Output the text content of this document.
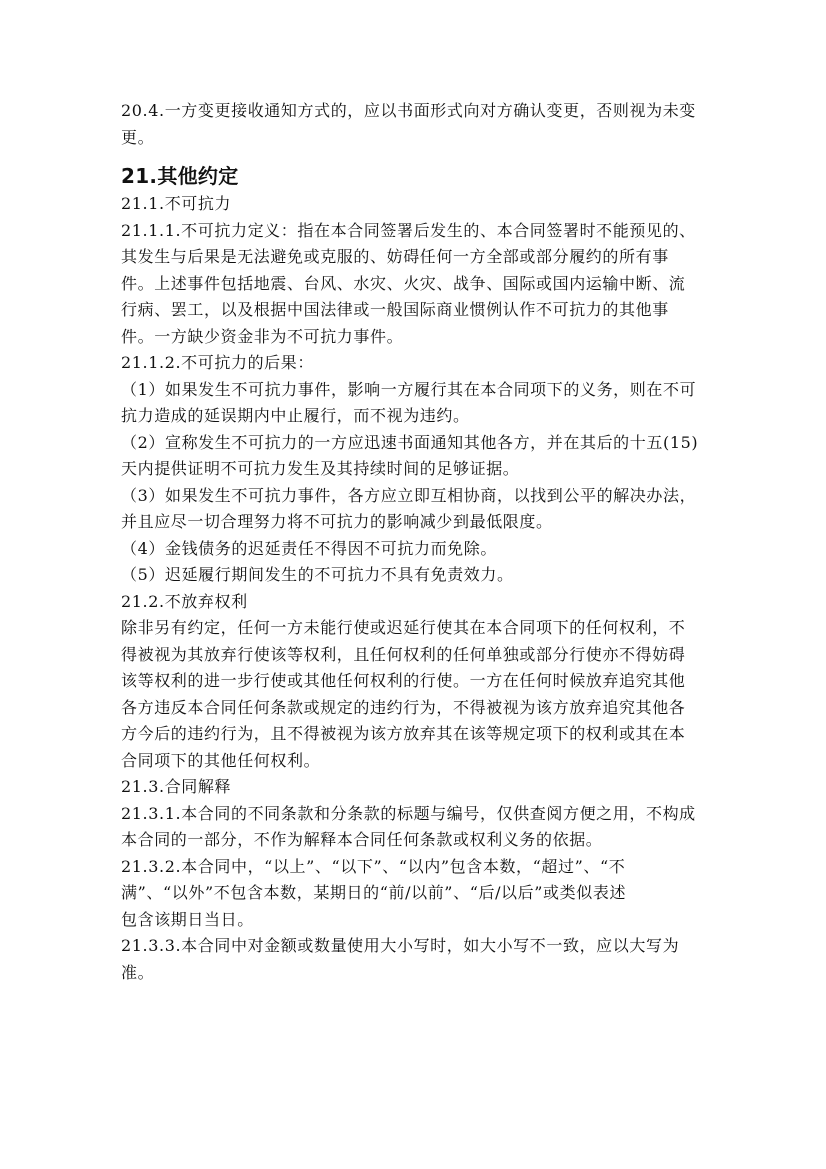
20.4.一方变更接收通知方式的，应以书面形式向对方确认变更，否则视为未变

更。

21.其他约定

21.1.不可抗力

21.1.1.不可抗力定义：指在本合同签署后发生的、本合同签署时不能预见的、

其发生与后果是无法避免或克服的、妨碍任何一方全部或部分履约的所有事

件。上述事件包括地震、台风、水灾、火灾、战争、国际或国内运输中断、流

行病、罢工，以及根据中国法律或一般国际商业惯例认作不可抗力的其他事

件。一方缺少资金非为不可抗力事件。

21.1.2.不可抗力的后果：

（1）如果发生不可抗力事件，影响一方履行其在本合同项下的义务，则在不可

抗力造成的延误期内中止履行，而不视为违约。

（2）宣称发生不可抗力的一方应迅速书面通知其他各方，并在其后的十五(15)

天内提供证明不可抗力发生及其持续时间的足够证据。

（3）如果发生不可抗力事件，各方应立即互相协商，以找到公平的解决办法，

并且应尽一切合理努力将不可抗力的影响减少到最低限度。

（4）金钱债务的迟延责任不得因不可抗力而免除。

（5）迟延履行期间发生的不可抗力不具有免责效力。

21.2.不放弃权利

除非另有约定，任何一方未能行使或迟延行使其在本合同项下的任何权利，不

得被视为其放弃行使该等权利，且任何权利的任何单独或部分行使亦不得妨碍

该等权利的进一步行使或其他任何权利的行使。一方在任何时候放弃追究其他

各方违反本合同任何条款或规定的违约行为，不得被视为该方放弃追究其他各

方今后的违约行为，且不得被视为该方放弃其在该等规定项下的权利或其在本

合同项下的其他任何权利。

21.3.合同解释

21.3.1.本合同的不同条款和分条款的标题与编号，仅供查阅方便之用，不构成

本合同的一部分，不作为解释本合同任何条款或权利义务的依据。

21.3.2.本合同中，“以上”、“以下”、“以内”包含本数，“超过”、“不

满”、“以外”不包含本数，某期日的“前/以前”、“后/以后”或类似表述

包含该期日当日。

21.3.3.本合同中对金额或数量使用大小写时，如大小写不一致，应以大写为

准。
